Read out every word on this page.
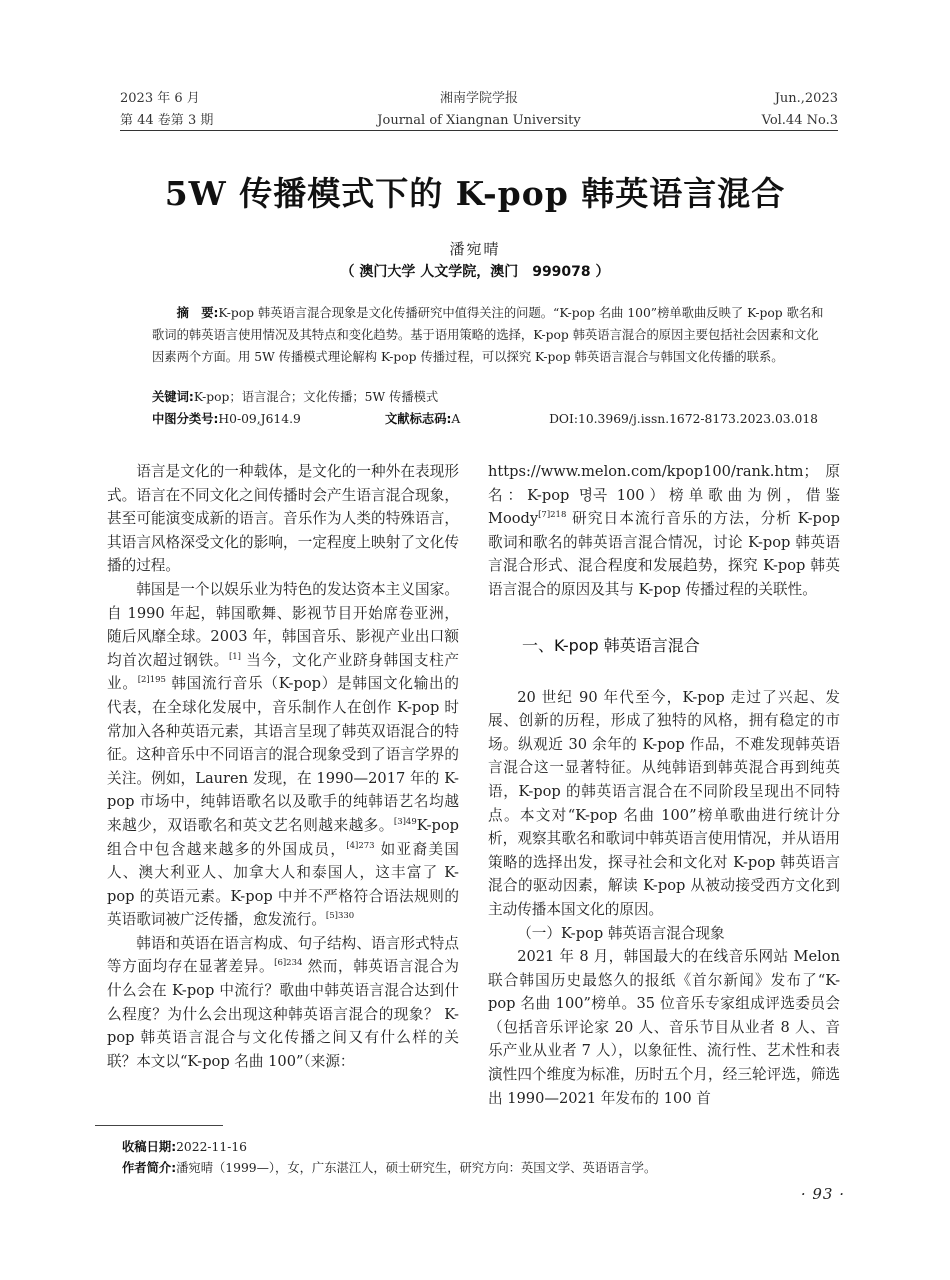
2023 年 6 月
第 44 卷第 3 期
湘南学院学报
Journal of Xiangnan University
Jun.,2023
Vol.44 No.3
5W 传播模式下的 K-pop 韩英语言混合
潘宛晴
（ 澳门大学 人文学院，澳门　999078 ）

摘　要:K-pop 韩英语言混合现象是文化传播研究中值得关注的问题。“K-pop 名曲 100”榜单歌曲反映了 K-pop 歌名和歌词的韩英语言使用情况及其特点和变化趋势。基于语用策略的选择，K-pop 韩英语言混合的原因主要包括社会因素和文化因素两个方面。用 5W 传播模式理论解构 K-pop 传播过程，可以探究 K-pop 韩英语言混合与韩国文化传播的联系。

关键词:K-pop；语言混合；文化传播；5W 传播模式
中图分类号:H0-09,J614.9	文献标志码:A	DOI:10.3969/j.issn.1672-8173.2023.03.018

语言是文化的一种载体，是文化的一种外在表现形式。语言在不同文化之间传播时会产生语言混合现象，甚至可能演变成新的语言。音乐作为人类的特殊语言，其语言风格深受文化的影响，一定程度上映射了文化传播的过程。

韩国是一个以娱乐业为特色的发达资本主义国家。自 1990 年起，韩国歌舞、影视节目开始席卷亚洲，随后风靡全球。2003 年，韩国音乐、影视产业出口额均首次超过钢铁。[1] 当今，文化产业跻身韩国支柱产业。$^{[2]195}$ 韩国流行音乐（K-pop）是韩国文化输出的代表，在全球化发展中，音乐制作人在创作 K-pop 时常加入各种英语元素，其语言呈现了韩英双语混合的特征。这种音乐中不同语言的混合现象受到了语言学界的关注。例如，Lauren 发现，在 1990—2017 年的 K-pop 市场中，纯韩语歌名以及歌手的纯韩语艺名均越来越少，双语歌名和英文艺名则越来越多。$^{[3]49}$K-pop 组合中包含越来越多的外国成员，$^{[4]273}$ 如亚裔美国人、澳大利亚人、加拿大人和泰国人，这丰富了 K-pop 的英语元素。K-pop 中并不严格符合语法规则的英语歌词被广泛传播，愈发流行。$^{[5]330}$

韩语和英语在语言构成、句子结构、语言形式特点等方面均存在显著差异。$^{[6]234}$ 然而，韩英语言混合为什么会在 K-pop 中流行？歌曲中韩英语言混合达到什么程度？为什么会出现这种韩英语言混合的现象？ K-pop 韩英语言混合与文化传播之间又有什么样的关联？本文以“K-pop 名曲 100”（来源：

https://www.melon.com/kpop100/rank.htm；原名：K-pop 명곡 100）榜单歌曲为例，借鉴 Moody$^{[7]218}$ 研究日本流行音乐的方法，分析 K-pop 歌词和歌名的韩英语言混合情况，讨论 K-pop 韩英语言混合形式、混合程度和发展趋势，探究 K-pop 韩英语言混合的原因及其与 K-pop 传播过程的关联性。

一、K-pop 韩英语言混合

20 世纪 90 年代至今，K-pop 走过了兴起、发展、创新的历程，形成了独特的风格，拥有稳定的市场。纵观近 30 余年的 K-pop 作品，不难发现韩英语言混合这一显著特征。从纯韩语到韩英混合再到纯英语，K-pop 的韩英语言混合在不同阶段呈现出不同特点。本文对“K-pop 名曲 100”榜单歌曲进行统计分析，观察其歌名和歌词中韩英语言使用情况，并从语用策略的选择出发，探寻社会和文化对 K-pop 韩英语言混合的驱动因素，解读 K-pop 从被动接受西方文化到主动传播本国文化的原因。

（一）K-pop 韩英语言混合现象

2021 年 8 月，韩国最大的在线音乐网站 Melon 联合韩国历史最悠久的报纸《首尔新闻》发布了“K-pop 名曲 100”榜单。35 位音乐专家组成评选委员会（包括音乐评论家 20 人、音乐节目从业者 8 人、音乐产业从业者 7 人），以象征性、流行性、艺术性和表演性四个维度为标准，历时五个月，经三轮评选，筛选出 1990—2021 年发布的 100 首

收稿日期:2022-11-16
作者简介:潘宛晴（1999—），女，广东湛江人，硕士研究生，研究方向：英国文学、英语语言学。
· 93 ·
